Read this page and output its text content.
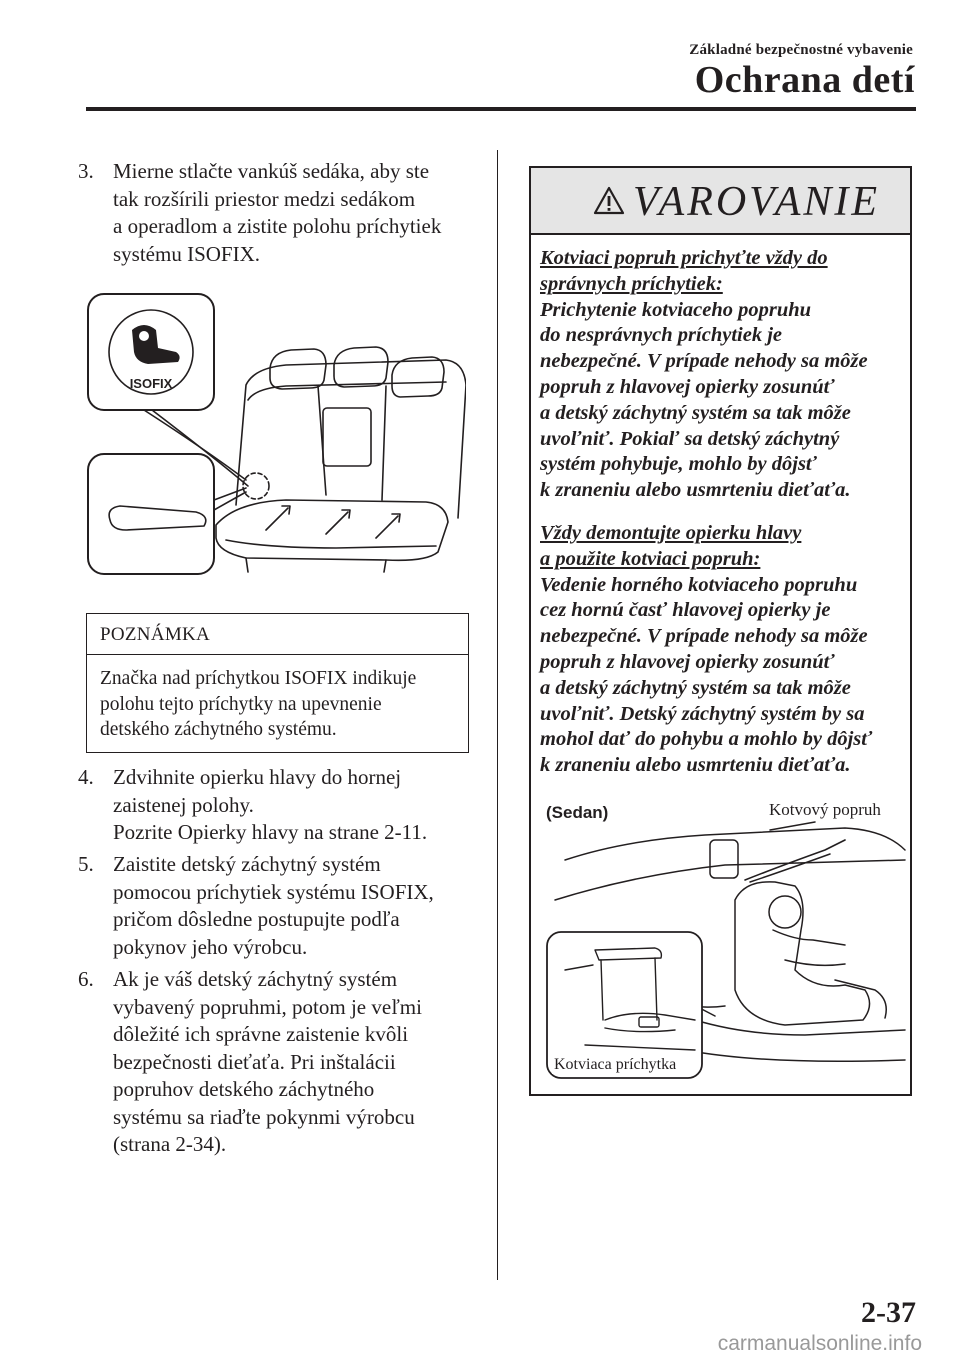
Základné bezpečnostné vybavenie
Ochrana detí
3. Mierne stlačte vankúš sedáka, aby ste
tak rozšírili priestor medzi sedákom
a operadlom a zistite polohu príchytiek
systému ISOFIX.
ISOFIX
POZNÁMKA
Značka nad príchytkou ISOFIX indikuje
polohu tejto príchytky na upevnenie
detského záchytného systému.
4. Zdvihnite opierku hlavy do hornej
zaistenej polohy.
Pozrite Opierky hlavy na strane 2-11.
5. Zaistite detský záchytný systém
pomocou príchytiek systému ISOFIX,
pričom dôsledne postupujte podľa
pokynov jeho výrobcu.
6. Ak je váš detský záchytný systém
vybavený popruhmi, potom je veľmi
dôležité ich správne zaistenie kvôli
bezpečnosti dieťaťa. Pri inštalácii
popruhov detského záchytného
systému sa riaďte pokynmi výrobcu
(strana 2-34).
VAROVANIE
Kotviaci popruh prichyťte vždy do
správnych príchytiek:
Prichytenie kotviaceho popruhu
do nesprávnych príchytiek je
nebezpečné. V prípade nehody sa môže
popruh z hlavovej opierky zosunúť
a detský záchytný systém sa tak môže
uvoľniť. Pokiaľ sa detský záchytný
systém pohybuje, mohlo by dôjsť
k zraneniu alebo usmrteniu dieťaťa.
Vždy demontujte opierku hlavy
a použite kotviaci popruh:
Vedenie horného kotviaceho popruhu
cez hornú časť hlavovej opierky je
nebezpečné. V prípade nehody sa môže
popruh z hlavovej opierky zosunúť
a detský záchytný systém sa tak môže
uvoľniť. Detský záchytný systém by sa
mohol dať do pohybu a mohlo by dôjsť
k zraneniu alebo usmrteniu dieťaťa.
(Sedan)	Kotvový popruh
Kotviaca príchytka
2-37
carmanualsonline.info
